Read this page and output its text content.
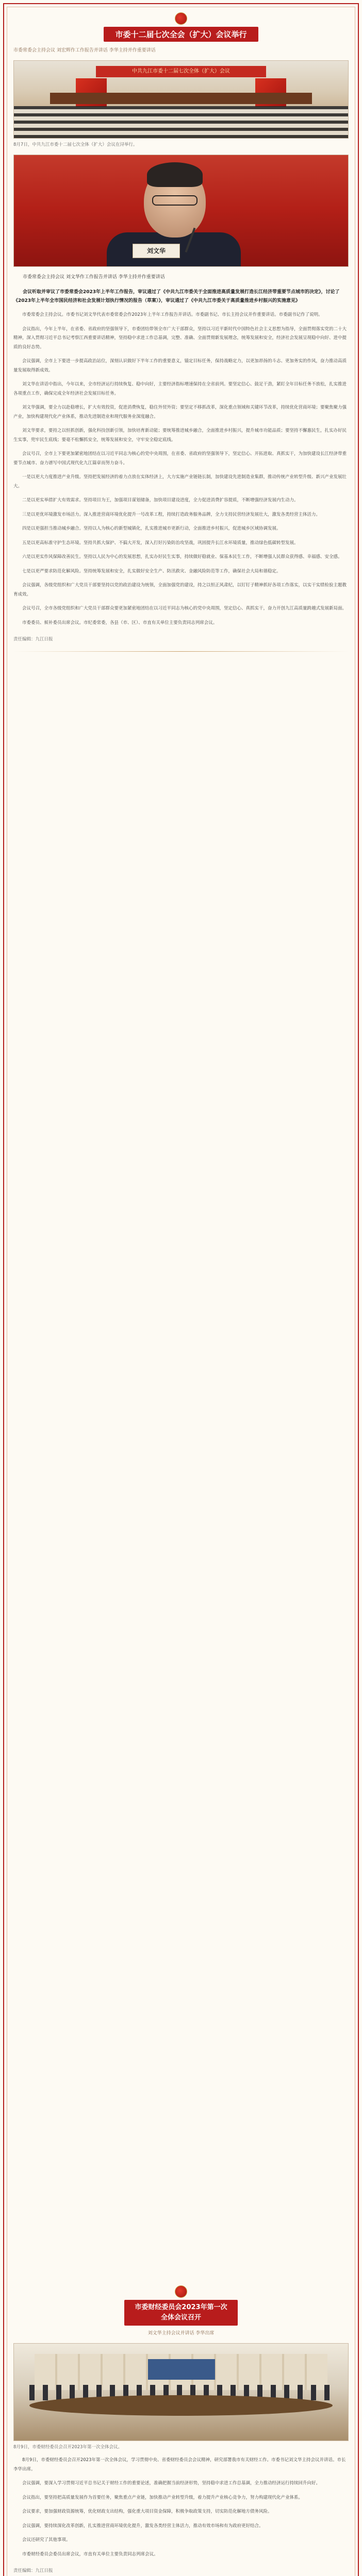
市委十二届七次全会（扩大）会议举行
市委常委会主持会议 刘宏辉作工作报告并讲话 李华主持并作重要讲话
中共九江市委十二届七次全体（扩大）会议
8月7日，中共九江市委十二届七次全体（扩大）会议在浔举行。
刘文华
市委常委会主持会议 刘文华作工作报告并讲话 李华主持并作重要讲话
会议听取并审议了市委常委会2023年上半年工作报告，审议通过了《中共九江市委关于全面推进高质量发展打造长江经济带重要节点城市的决定》，讨论了《2023年上半年全市国民经济和社会发展计划执行情况的报告（草案）》，审议通过了《中共九江市委关于高质量推进乡村振兴的实施意见》
市委常委会主持会议。市委书记刘文华代表市委常委会作2023年上半年工作报告并讲话。市委副书记、市长主持会议并作重要讲话。市委副书记作了说明。
会议指出，今年上半年，在省委、省政府的坚强领导下，市委团结带领全市广大干部群众，坚持以习近平新时代中国特色社会主义思想为指导，全面贯彻落实党的二十大精神，深入贯彻习近平总书记考察江西重要讲话精神，坚持稳中求进工作总基调，完整、准确、全面贯彻新发展理念，统筹发展和安全，经济社会发展呈现稳中向好、进中提质的良好态势。
会议强调，全市上下要进一步提高政治站位，深刻认识做好下半年工作的重要意义，锚定目标任务，保持战略定力，以更加昂扬的斗志、更加务实的作风，奋力推动高质量发展取得新成效。
刘文华在讲话中指出，今年以来，全市经济运行持续恢复、稳中向好，主要经济指标增速保持在全省前列。要坚定信心、鼓足干劲，紧盯全年目标任务不放松，扎实推进各项重点工作，确保完成全年经济社会发展目标任务。
刘文华强调，要全力以赴稳增长，扩大有效投资，促进消费恢复，稳住外贸外资；要坚定不移抓改革，深化重点领域和关键环节改革，持续优化营商环境；要聚焦聚力强产业，加快构建现代化产业体系，推动先进制造业和现代服务业深度融合。
刘文华要求，要持之以恒抓创新，强化科技创新引领，加快培育新动能；要统筹推进城乡融合，全面推进乡村振兴，提升城市功能品质；要坚持不懈惠民生，扎实办好民生实事，兜牢民生底线；要毫不松懈抓安全，统筹发展和安全，守牢安全稳定底线。
会议号召，全市上下要更加紧密地团结在以习近平同志为核心的党中央周围，在省委、省政府的坚强领导下，坚定信心、开拓进取、真抓实干，为加快建设长江经济带重要节点城市、奋力谱写中国式现代化九江篇章而努力奋斗。
一是以更大力度推进产业升级。坚持把发展经济的着力点放在实体经济上，大力实施产业链链长制，加快建设先进制造业集群，推动传统产业转型升级、新兴产业发展壮大。
二是以更实举措扩大有效需求。坚持项目为王，加强项目谋划储备，加快项目建设进度，全力促进消费扩容提质，不断增强经济发展内生动力。
三是以更优环境激发市场活力。深入推进营商环境优化提升一号改革工程，持续打造政务服务品牌，全力支持民营经济发展壮大，激发各类经营主体活力。
四是以更强担当推动城乡融合。坚持以人为核心的新型城镇化，扎实推进城市更新行动，全面推进乡村振兴，促进城乡区域协调发展。
五是以更高标准守护生态环境。坚持共抓大保护、不搞大开发，深入打好污染防治攻坚战，巩固提升长江水环境质量，推动绿色低碳转型发展。
六是以更实作风保障改善民生。坚持以人民为中心的发展思想，扎实办好民生实事，持续做好稳就业、保基本民生工作，不断增强人民群众获得感、幸福感、安全感。
七是以更严要求防范化解风险。坚持统筹发展和安全，扎实做好安全生产、防汛救灾、金融风险防范等工作，确保社会大局和谐稳定。
会议强调，各级党组织和广大党员干部要坚持以党的政治建设为统领，全面加强党的建设，持之以恒正风肃纪，以钉钉子精神抓好各项工作落实，以实干实绩检验主题教育成效。
会议号召，全市各级党组织和广大党员干部群众要更加紧密地团结在以习近平同志为核心的党中央周围，坚定信心、真抓实干，奋力开创九江高质量跨越式发展新局面。
市委委员、候补委员出席会议。市纪委常委，各县（市、区）、市直有关单位主要负责同志列席会议。
责任编辑：九江日报
市委财经委员会2023年第一次
全体会议召开
刘文华主持会议并讲话 李华出席
8月9日，市委财经委员会召开2023年第一次全体会议。
8月9日，市委财经委员会召开2023年第一次全体会议，学习贯彻中央、省委财经委员会会议精神，研究部署我市有关财经工作。市委书记刘文华主持会议并讲话。市长李华出席。
会议强调，要深入学习贯彻习近平总书记关于财经工作的重要论述，准确把握当前经济形势，坚持稳中求进工作总基调，全力推动经济运行持续回升向好。
会议指出，要坚持把高质量发展作为首要任务，聚焦重点产业链，加快推动产业转型升级，着力提升产业核心竞争力，努力构建现代化产业体系。
会议要求，要加强财政资源统筹，优化财政支出结构，强化重大项目资金保障，积极争取政策支持，切实防范化解地方债务风险。
会议强调，要持续深化改革创新，扎实推进营商环境优化提升，激发各类经营主体活力，推动有效市场和有为政府更好结合。
会议还研究了其他事项。
市委财经委员会委员出席会议，市直有关单位主要负责同志列席会议。
责任编辑：九江日报
